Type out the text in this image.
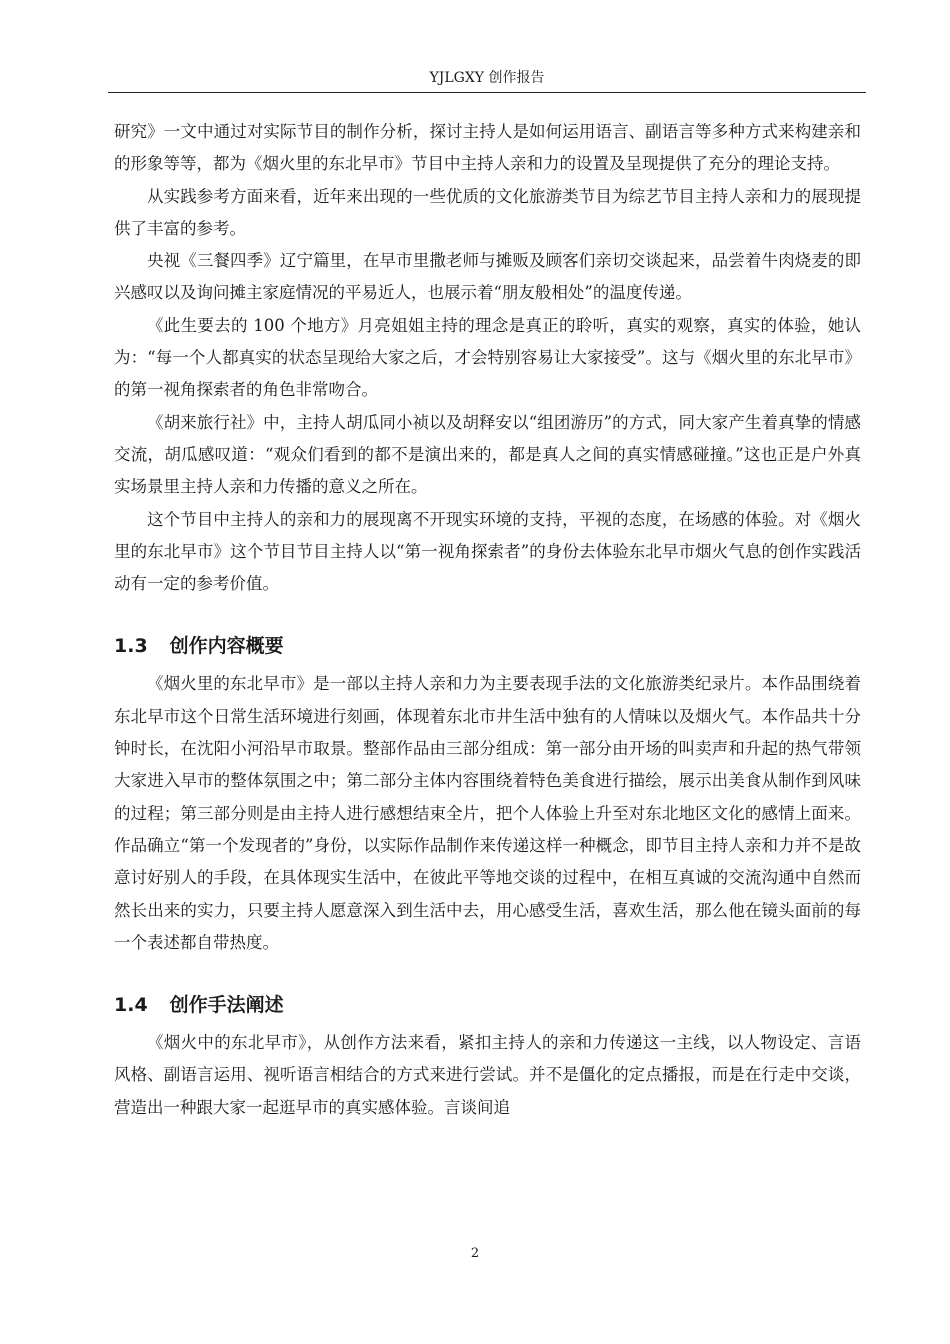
YJLGXY 创作报告

研究》一文中通过对实际节目的制作分析，探讨主持人是如何运用语言、副语言等多种方式来构建亲和的形象等等，都为《烟火里的东北早市》节目中主持人亲和力的设置及呈现提供了充分的理论支持。

从实践参考方面来看，近年来出现的一些优质的文化旅游类节目为综艺节目主持人亲和力的展现提供了丰富的参考。

央视《三餐四季》辽宁篇里，在早市里撒老师与摊贩及顾客们亲切交谈起来，品尝着牛肉烧麦的即兴感叹以及询问摊主家庭情况的平易近人，也展示着“朋友般相处”的温度传递。

《此生要去的 100 个地方》月亮姐姐主持的理念是真正的聆听，真实的观察，真实的体验，她认为：“每一个人都真实的状态呈现给大家之后，才会特别容易让大家接受”。这与《烟火里的东北早市》的第一视角探索者的角色非常吻合。

《胡来旅行社》中，主持人胡瓜同小祯以及胡释安以“组团游历”的方式，同大家产生着真挚的情感交流，胡瓜感叹道：“观众们看到的都不是演出来的，都是真人之间的真实情感碰撞。”这也正是户外真实场景里主持人亲和力传播的意义之所在。

这个节目中主持人的亲和力的展现离不开现实环境的支持，平视的态度，在场感的体验。对《烟火里的东北早市》这个节目节目主持人以“第一视角探索者”的身份去体验东北早市烟火气息的创作实践活动有一定的参考价值。

1.3 创作内容概要

《烟火里的东北早市》是一部以主持人亲和力为主要表现手法的文化旅游类纪录片。本作品围绕着东北早市这个日常生活环境进行刻画，体现着东北市井生活中独有的人情味以及烟火气。本作品共十分钟时长，在沈阳小河沿早市取景。整部作品由三部分组成：第一部分由开场的叫卖声和升起的热气带领大家进入早市的整体氛围之中；第二部分主体内容围绕着特色美食进行描绘，展示出美食从制作到风味的过程；第三部分则是由主持人进行感想结束全片，把个人体验上升至对东北地区文化的感情上面来。作品确立“第一个发现者的”身份，以实际作品制作来传递这样一种概念，即节目主持人亲和力并不是故意讨好别人的手段，在具体现实生活中，在彼此平等地交谈的过程中，在相互真诚的交流沟通中自然而然长出来的实力，只要主持人愿意深入到生活中去，用心感受生活，喜欢生活，那么他在镜头面前的每一个表述都自带热度。

1.4 创作手法阐述

《烟火中的东北早市》，从创作方法来看，紧扣主持人的亲和力传递这一主线，以人物设定、言语风格、副语言运用、视听语言相结合的方式来进行尝试。并不是僵化的定点播报，而是在行走中交谈，营造出一种跟大家一起逛早市的真实感体验。言谈间追

2
